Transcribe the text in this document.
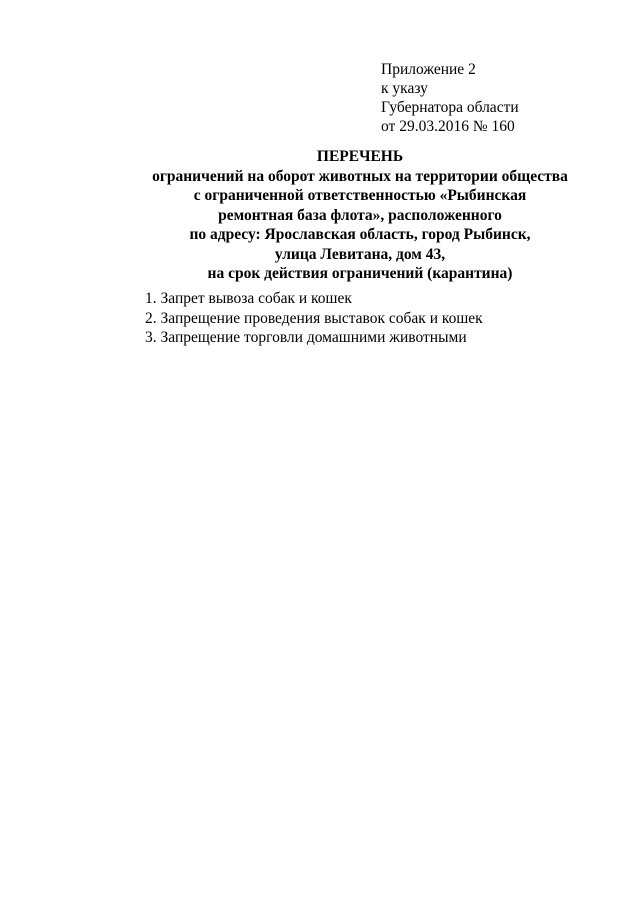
Приложение 2
к указу
Губернатора области
от 29.03.2016 № 160
ПЕРЕЧЕНЬ
ограничений на оборот животных на территории общества
с ограниченной ответственностью «Рыбинская
ремонтная база флота», расположенного
по адресу: Ярославская область, город Рыбинск,
улица Левитана, дом 43,
на срок действия ограничений (карантина)
1. Запрет вывоза собак и кошек
2. Запрещение проведения выставок собак и кошек
3. Запрещение торговли домашними животными
